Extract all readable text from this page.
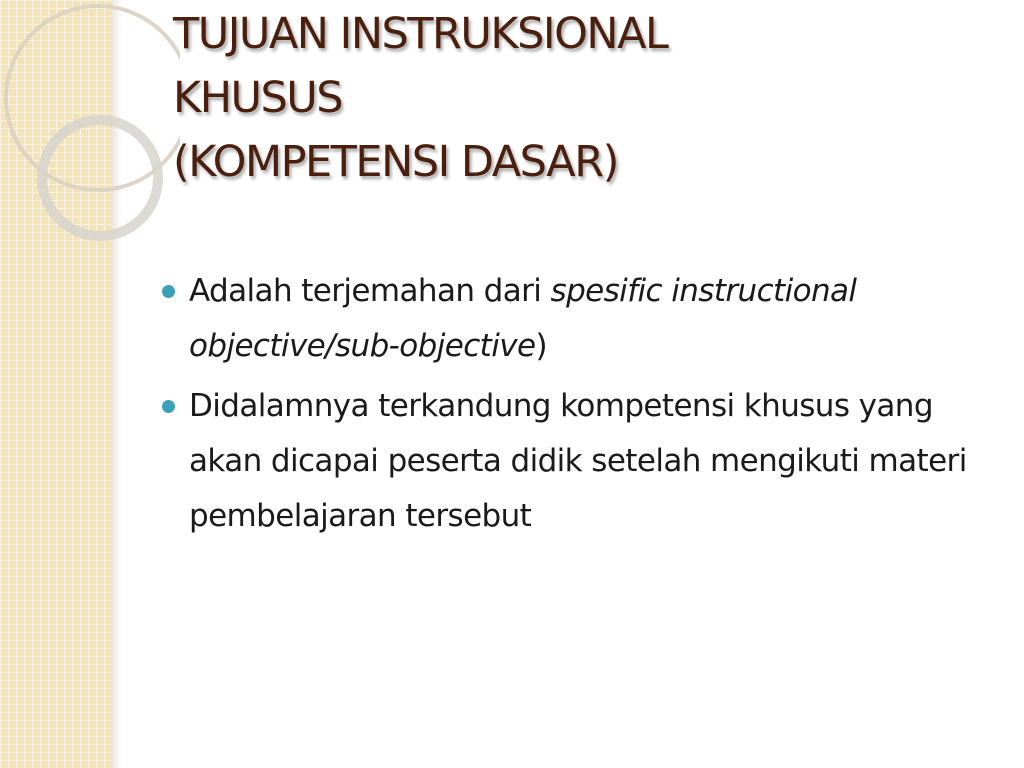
TUJUAN INSTRUKSIONAL
KHUSUS
(KOMPETENSI DASAR)
Adalah terjemahan dari spesific instructional objective/sub-objective)
Didalamnya terkandung kompetensi khusus yang akan dicapai peserta didik setelah mengikuti materi pembelajaran tersebut
